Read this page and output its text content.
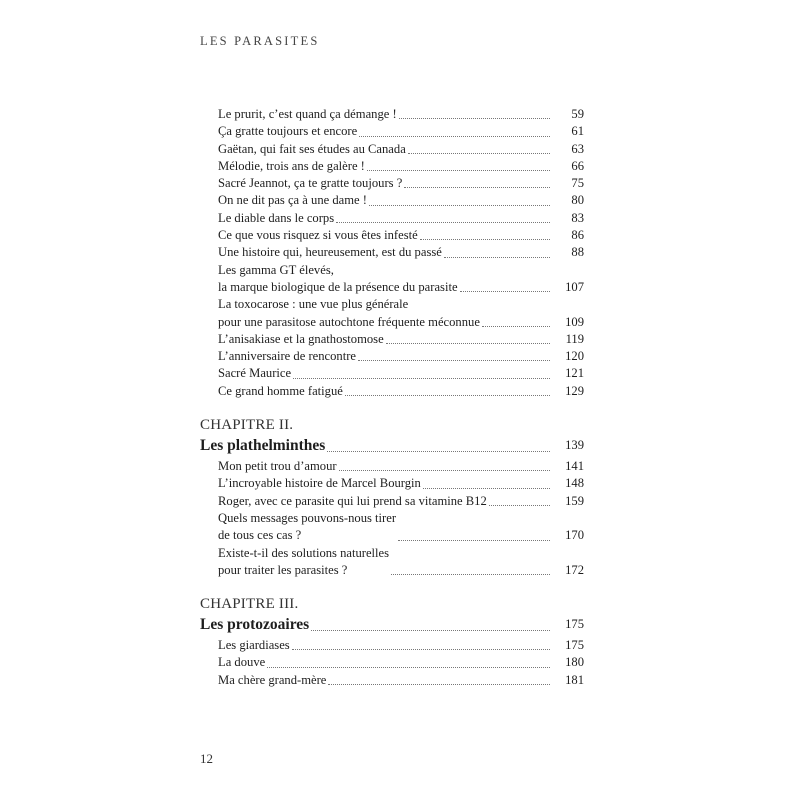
LES PARASITES
Le prurit, c’est quand ça démange !	59
Ça gratte toujours et encore	61
Gaëtan, qui fait ses études au Canada	63
Mélodie, trois ans de galère !	66
Sacré Jeannot, ça te gratte toujours ?	75
On ne dit pas ça à une dame !	80
Le diable dans le corps	83
Ce que vous risquez si vous êtes infesté	86
Une histoire qui, heureusement, est du passé	88
Les gamma GT élevés,
la marque biologique de la présence du parasite	107
La toxocarose : une vue plus générale
pour une parasitose autochtone fréquente méconnue	109
L’anisakiase et la gnathostomose	119
L’anniversaire de rencontre	120
Sacré Maurice	121
Ce grand homme fatigué	129
CHAPITRE II.
Les plathelminthes	139
Mon petit trou d’amour	141
L’incroyable histoire de Marcel Bourgin	148
Roger, avec ce parasite qui lui prend sa vitamine B12	159
Quels messages pouvons-nous tirer
de tous ces cas ?	170
Existe-t-il des solutions naturelles
pour traiter les parasites ?	172
CHAPITRE III.
Les protozoaires	175
Les giardiases	175
La douve	180
Ma chère grand-mère	181
12
